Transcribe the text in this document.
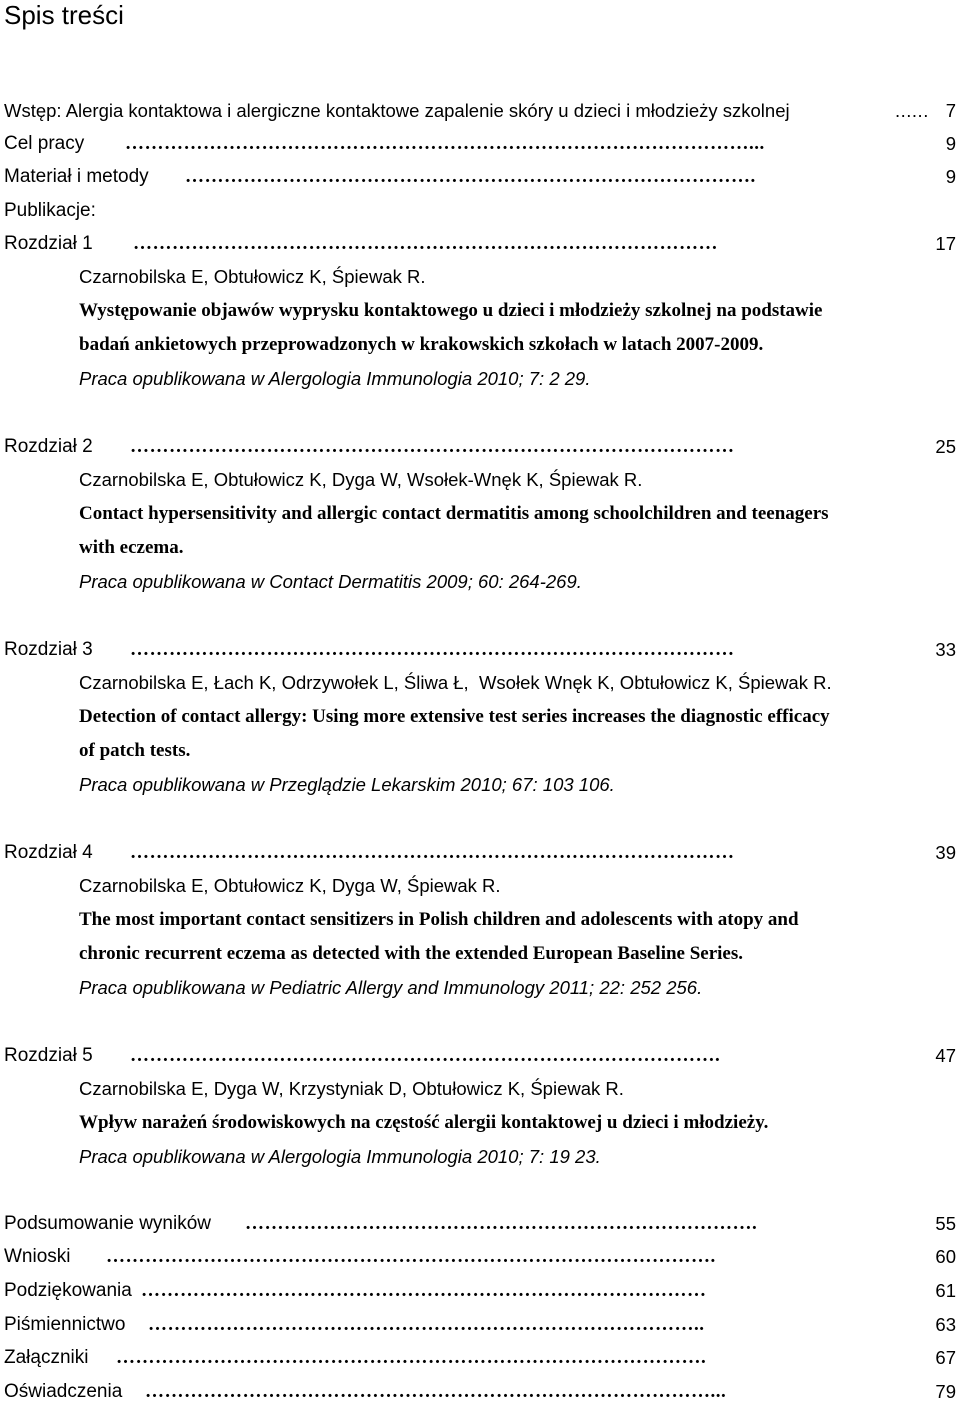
Spis treści
Wstęp: Alergia kontaktowa i alergiczne kontaktowe zapalenie skóry u dzieci i młodzieży szkolnej	...... 7
Cel pracy ……………………………………………………………………………………...	9
Materiał i metody …………………………………………………………………………….	9
Publikacje:
Rozdział 1 ………………………………………………………………………………	17
Czarnobilska E, Obtułowicz K, Śpiewak R.
Występowanie objawów wyprysku kontaktowego u dzieci i młodzieży szkolnej na podstawie
badań ankietowych przeprowadzonych w krakowskich szkołach w latach 2007-2009.
Praca opublikowana w Alergologia Immunologia 2010; 7: 2 29.
Rozdział 2 …………………………………………………………………………………	25
Czarnobilska E, Obtułowicz K, Dyga W, Wsołek-Wnęk K, Śpiewak R.
Contact hypersensitivity and allergic contact dermatitis among schoolchildren and teenagers
with eczema.
Praca opublikowana w Contact Dermatitis 2009; 60: 264-269.
Rozdział 3 …………………………………………………………………………………	33
Czarnobilska E, Łach K, Odrzywołek L, Śliwa Ł,  Wsołek Wnęk K, Obtułowicz K, Śpiewak R.
Detection of contact allergy: Using more extensive test series increases the diagnostic efficacy
of patch tests.
Praca opublikowana w Przeglądzie Lekarskim 2010; 67: 103 106.
Rozdział 4 …………………………………………………………………………………	39
Czarnobilska E, Obtułowicz K, Dyga W, Śpiewak R.
The most important contact sensitizers in Polish children and adolescents with atopy and
chronic recurrent eczema as detected with the extended European Baseline Series.
Praca opublikowana w Pediatric Allergy and Immunology 2011; 22: 252 256.
Rozdział 5 ……………………………………………………………………………….	47
Czarnobilska E, Dyga W, Krzystyniak D, Obtułowicz K, Śpiewak R.
Wpływ narażeń środowiskowych na częstość alergii kontaktowej u dzieci i młodzieży.
Praca opublikowana w Alergologia Immunologia 2010; 7: 19 23.
Podsumowanie wyników …………………………………………………………………….	55
Wnioski ………………………………………………………………………………….	60
Podziękowania ……………………………………………………………………………	61
Piśmiennictwo …………………………………………………………………………..	63
Załączniki ……………………………………………………………………………….	67
Oświadczenia ……………………………………………………………………………...	79
